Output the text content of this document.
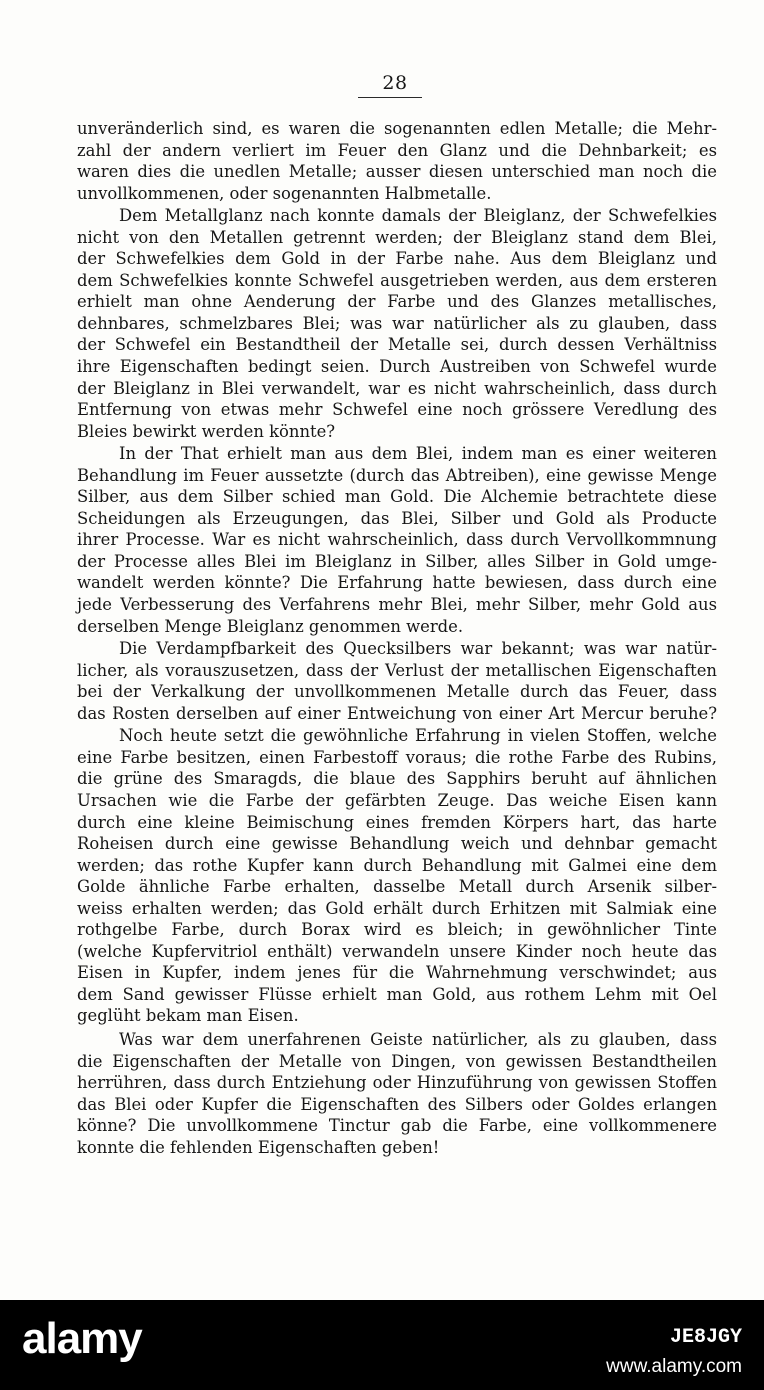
28
unveränderlich sind, es waren die sogenannten edlen Metalle; die Mehr-
zahl der andern verliert im Feuer den Glanz und die Dehnbarkeit; es
waren dies die unedlen Metalle; ausser diesen unterschied man noch die
unvollkommenen, oder sogenannten Halbmetalle.
Dem Metallglanz nach konnte damals der Bleiglanz, der Schwefelkies
nicht von den Metallen getrennt werden; der Bleiglanz stand dem Blei,
der Schwefelkies dem Gold in der Farbe nahe. Aus dem Bleiglanz und
dem Schwefelkies konnte Schwefel ausgetrieben werden, aus dem ersteren
erhielt man ohne Aenderung der Farbe und des Glanzes metallisches,
dehnbares, schmelzbares Blei; was war natürlicher als zu glauben, dass
der Schwefel ein Bestandtheil der Metalle sei, durch dessen Verhältniss
ihre Eigenschaften bedingt seien. Durch Austreiben von Schwefel wurde
der Bleiglanz in Blei verwandelt, war es nicht wahrscheinlich, dass durch
Entfernung von etwas mehr Schwefel eine noch grössere Veredlung des
Bleies bewirkt werden könnte?
In der That erhielt man aus dem Blei, indem man es einer weiteren
Behandlung im Feuer aussetzte (durch das Abtreiben), eine gewisse Menge
Silber, aus dem Silber schied man Gold. Die Alchemie betrachtete diese
Scheidungen als Erzeugungen, das Blei, Silber und Gold als Producte
ihrer Processe. War es nicht wahrscheinlich, dass durch Vervollkommnung
der Processe alles Blei im Bleiglanz in Silber, alles Silber in Gold umge-
wandelt werden könnte? Die Erfahrung hatte bewiesen, dass durch eine
jede Verbesserung des Verfahrens mehr Blei, mehr Silber, mehr Gold aus
derselben Menge Bleiglanz genommen werde.
Die Verdampfbarkeit des Quecksilbers war bekannt; was war natür-
licher, als vorauszusetzen, dass der Verlust der metallischen Eigenschaften
bei der Verkalkung der unvollkommenen Metalle durch das Feuer, dass
das Rosten derselben auf einer Entweichung von einer Art Mercur beruhe?
Noch heute setzt die gewöhnliche Erfahrung in vielen Stoffen, welche
eine Farbe besitzen, einen Farbestoff voraus; die rothe Farbe des Rubins,
die grüne des Smaragds, die blaue des Sapphirs beruht auf ähnlichen
Ursachen wie die Farbe der gefärbten Zeuge. Das weiche Eisen kann
durch eine kleine Beimischung eines fremden Körpers hart, das harte
Roheisen durch eine gewisse Behandlung weich und dehnbar gemacht
werden; das rothe Kupfer kann durch Behandlung mit Galmei eine dem
Golde ähnliche Farbe erhalten, dasselbe Metall durch Arsenik silber-
weiss erhalten werden; das Gold erhält durch Erhitzen mit Salmiak eine
rothgelbe Farbe, durch Borax wird es bleich; in gewöhnlicher Tinte
(welche Kupfervitriol enthält) verwandeln unsere Kinder noch heute das
Eisen in Kupfer, indem jenes für die Wahrnehmung verschwindet; aus
dem Sand gewisser Flüsse erhielt man Gold, aus rothem Lehm mit Oel
geglüht bekam man Eisen.
Was war dem unerfahrenen Geiste natürlicher, als zu glauben, dass
die Eigenschaften der Metalle von Dingen, von gewissen Bestandtheilen
herrühren, dass durch Entziehung oder Hinzuführung von gewissen Stoffen
das Blei oder Kupfer die Eigenschaften des Silbers oder Goldes erlangen
könne? Die unvollkommene Tinctur gab die Farbe, eine vollkommenere
konnte die fehlenden Eigenschaften geben!
alamy	JE8JGY
www.alamy.com
